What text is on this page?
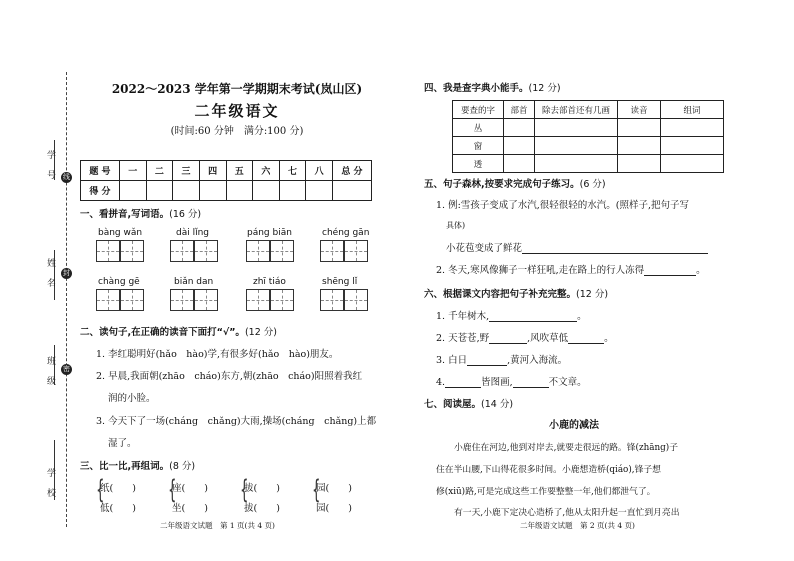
学 号
姓 名
班 级
学 校
线
封
密
2022～2023 学年第一学期期末考试(岚山区)
二年级语文
(时间:60 分钟　满分:100 分)
题 号	一	二	三	四	五	六	七	八	总 分
得 分									
一、看拼音,写词语。(16 分)
bàng wǎn	dài lǐng	páng biān	chéng gān
chàng gē	biǎn dan	zhī tiáo	shēng lǐ
二、读句子,在正确的读音下面打“√”。(12 分)
1. 李红聪明好(hǎo　hào)学,有很多好(hǎo　hào)朋友。
2. 早晨,我面朝(zhāo　cháo)东方,朝(zhāo　cháo)阳照着我红
润的小脸。
3. 今天下了一场(cháng　chǎng)大雨,操场(cháng　chǎng)上都
湿了。
三、比一比,再组词。(8 分)
{
纸(　　)
低(　　)
{
座(　　)
坐(　　)
{
拔(　　)
拔(　　)
{
园(　　)
园(　　)
二年级语文试题　第 1 页(共 4 页)	二年级语文试题　第 2 页(共 4 页)
四、我是查字典小能手。(12 分)
要查的字	部首	除去部首还有几画	读音	组词
丛				
窗				
透				
五、句子森林,按要求完成句子练习。(6 分)
1. 例:雪孩子变成了水汽,很轻很轻的水汽。(照样子,把句子写
具体)
小花苞变成了鲜花
2. 冬天,寒风像狮子一样狂吼,走在路上的行人冻得	。
六、根据课文内容把句子补充完整。(12 分)
1. 千年树木,	。
2. 天苍苍,野	,风吹草低	。
3. 白日	,黄河入海流。
4.	皆图画,	不文章。
七、阅读屋。(14 分)
小鹿的减法
小鹿住在河边,他到对岸去,就要走很远的路。锋(zhāng)子
住在半山腰,下山得花很多时间。小鹿想造桥(qiáo),锋子想
修(xiū)路,可是完成这些工作要整整一年,他们都泄气了。
有一天,小鹿下定决心造桥了,他从太阳升起一直忙到月亮出
